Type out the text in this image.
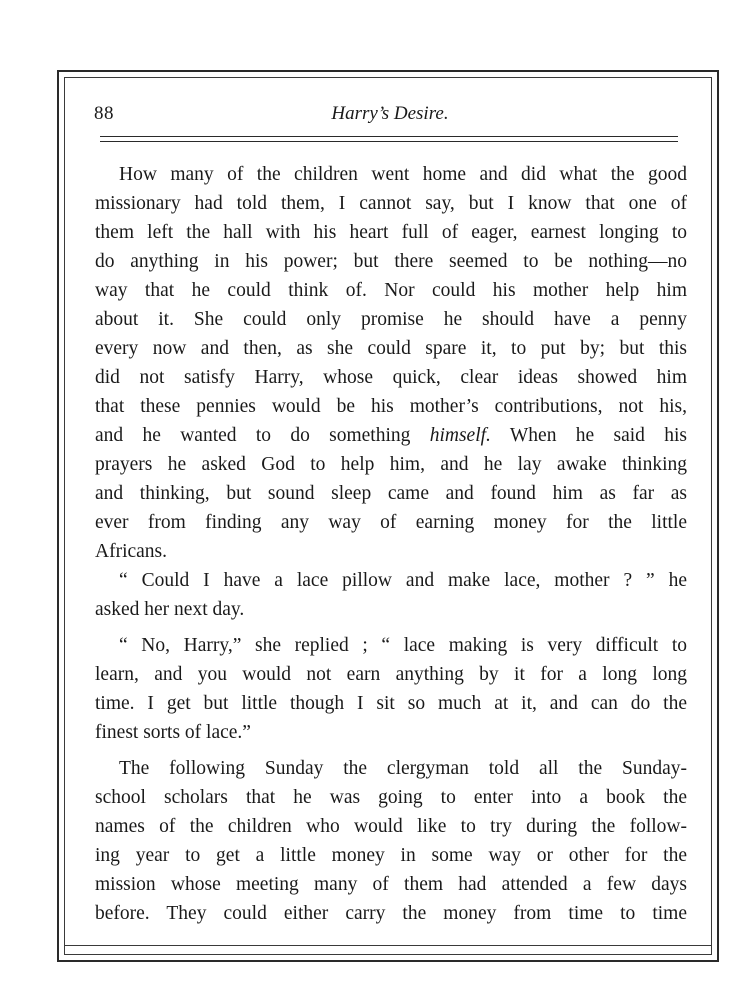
88	Harry’s Desire.
How many of the children went home and did what the good
missionary had told them, I cannot say, but I know that one of
them left the hall with his heart full of eager, earnest longing to
do anything in his power; but there seemed to be nothing—no
way that he could think of. Nor could his mother help him
about it. She could only promise he should have a penny
every now and then, as she could spare it, to put by; but this
did not satisfy Harry, whose quick, clear ideas showed him
that these pennies would be his mother’s contributions, not his,
and he wanted to do something himself. When he said his
prayers he asked God to help him, and he lay awake thinking
and thinking, but sound sleep came and found him as far as
ever from finding any way of earning money for the little
Africans.
“ Could I have a lace pillow and make lace, mother ? ” he
asked her next day.
“ No, Harry,” she replied ; “ lace making is very difficult to
learn, and you would not earn anything by it for a long long
time. I get but little though I sit so much at it, and can do the
finest sorts of lace.”
The following Sunday the clergyman told all the Sunday-
school scholars that he was going to enter into a book the
names of the children who would like to try during the follow-
ing year to get a little money in some way or other for the
mission whose meeting many of them had attended a few days
before. They could either carry the money from time to time
